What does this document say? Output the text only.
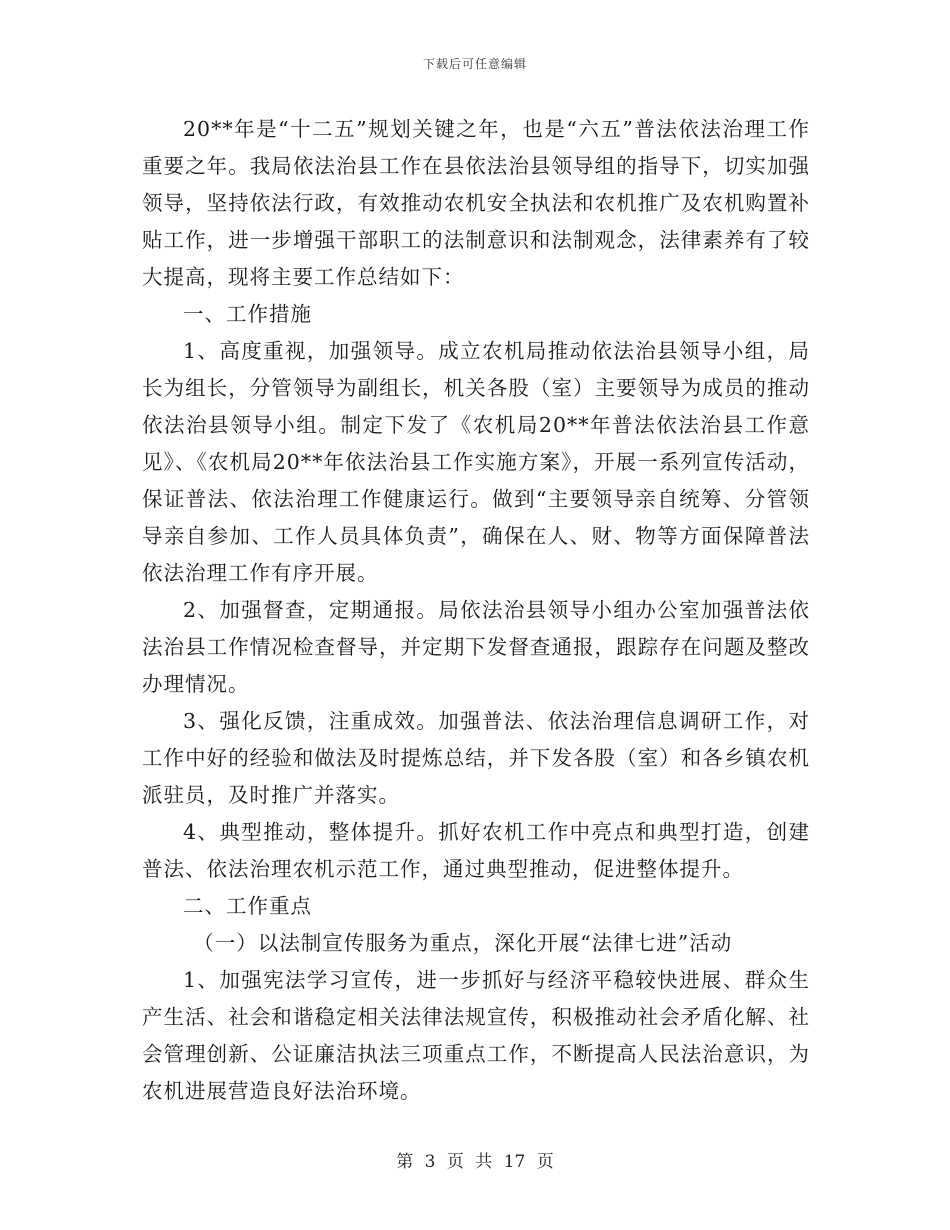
下载后可任意编辑

20**年是“十二五”规划关键之年，也是“六五”普法依法治理工作重要之年。我局依法治县工作在县依法治县领导组的指导下，切实加强领导，坚持依法行政，有效推动农机安全执法和农机推广及农机购置补贴工作，进一步增强干部职工的法制意识和法制观念，法律素养有了较大提高，现将主要工作总结如下：

一、工作措施

1、高度重视，加强领导。成立农机局推动依法治县领导小组，局长为组长，分管领导为副组长，机关各股（室）主要领导为成员的推动依法治县领导小组。制定下发了《农机局20**年普法依法治县工作意见》、《农机局20**年依法治县工作实施方案》，开展一系列宣传活动，保证普法、依法治理工作健康运行。做到“主要领导亲自统筹、分管领导亲自参加、工作人员具体负责”，确保在人、财、物等方面保障普法依法治理工作有序开展。

2、加强督查，定期通报。局依法治县领导小组办公室加强普法依法治县工作情况检查督导，并定期下发督查通报，跟踪存在问题及整改办理情况。

3、强化反馈，注重成效。加强普法、依法治理信息调研工作，对工作中好的经验和做法及时提炼总结，并下发各股（室）和各乡镇农机派驻员，及时推广并落实。

4、典型推动，整体提升。抓好农机工作中亮点和典型打造，创建普法、依法治理农机示范工作，通过典型推动，促进整体提升。

二、工作重点

（一）以法制宣传服务为重点，深化开展“法律七进”活动

1、加强宪法学习宣传，进一步抓好与经济平稳较快进展、群众生产生活、社会和谐稳定相关法律法规宣传，积极推动社会矛盾化解、社会管理创新、公证廉洁执法三项重点工作，不断提高人民法治意识，为农机进展营造良好法治环境。

第 3 页 共 17 页
